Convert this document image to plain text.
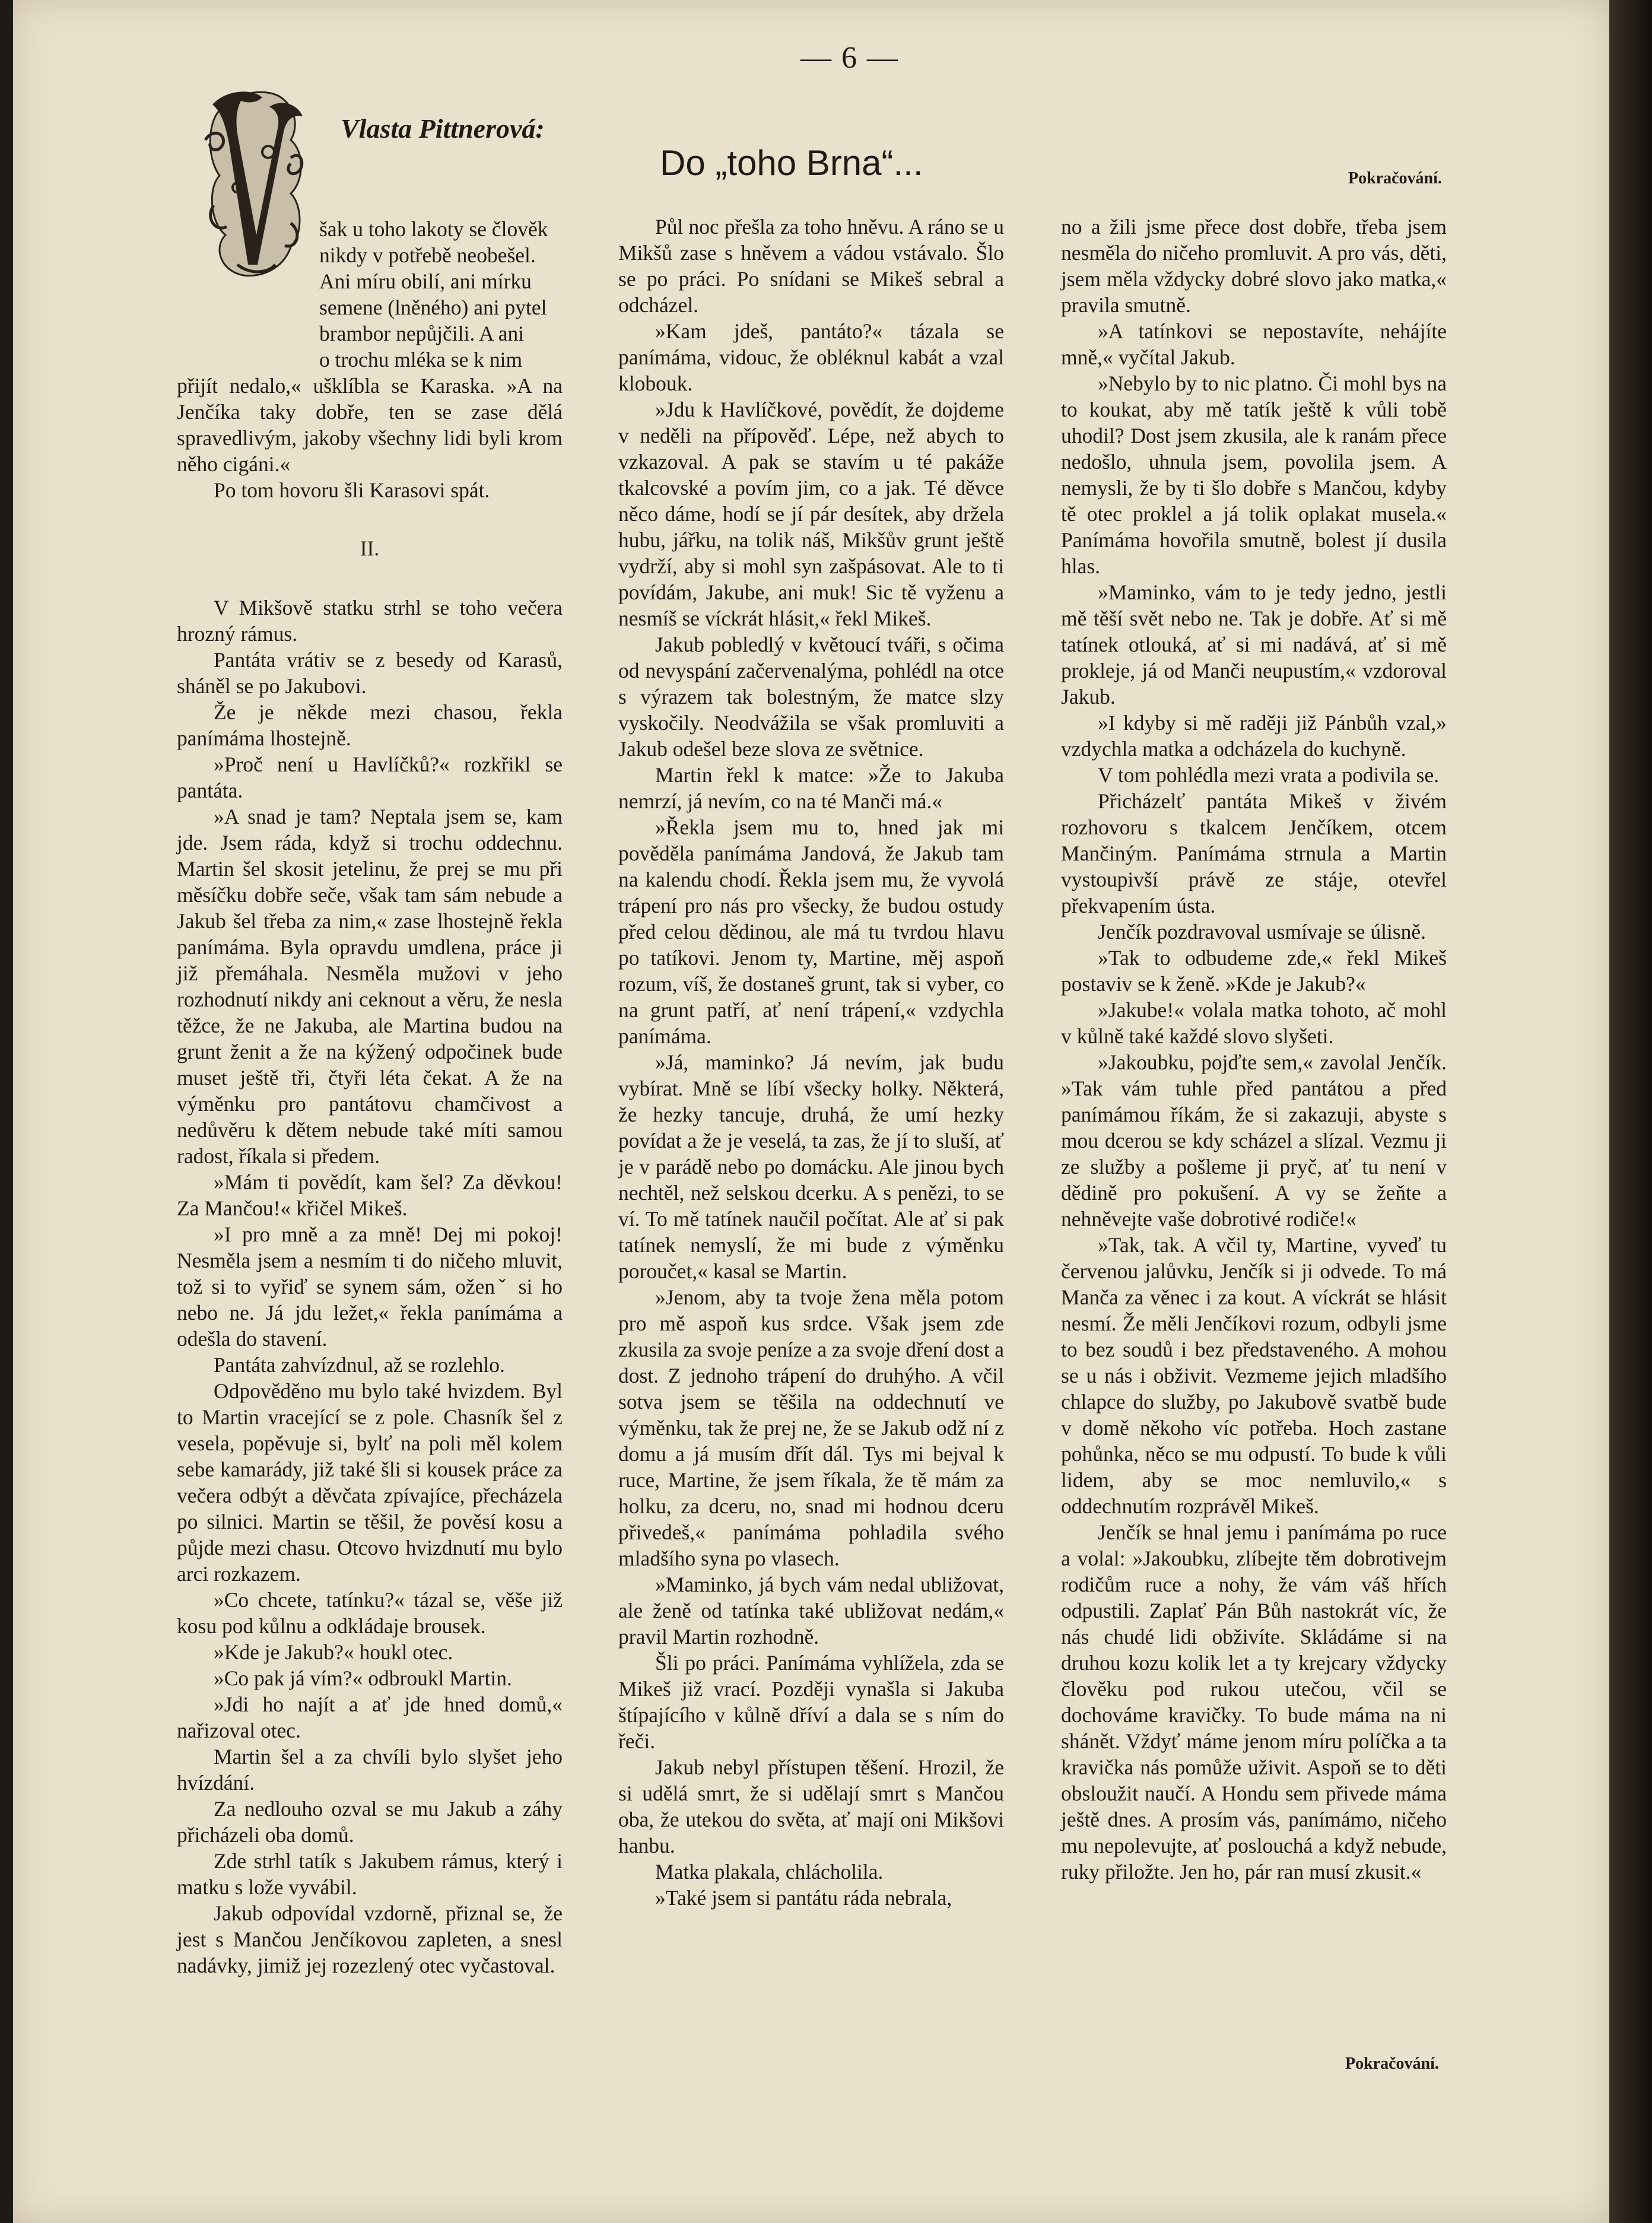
— 6 —
Vlasta Pittnerová:
Do „toho Brna“...	Pokračování.

šak u toho lakoty se člověk

nikdy v potřebě neobešel.

Ani míru obilí, ani mírku

semene (lněného) ani pytel

brambor nepůjčili. A ani

o trochu mléka se k nim

přijít nedalo,« ušklíbla se Karaska. »A na Jenčíka taky dobře, ten se zase dělá spravedlivým, jakoby všechny lidi byli krom něho cigáni.«

Po tom hovoru šli Karasovi spát.

II.

V Mikšově statku strhl se toho večera hrozný rámus.

Pantáta vrátiv se z besedy od Karasů, sháněl se po Jakubovi.

Že je někde mezi chasou, řekla panímáma lhostejně.

»Proč není u Havlíčků?« rozkřikl se pantáta.

»A snad je tam? Neptala jsem se, kam jde. Jsem ráda, když si trochu oddechnu. Martin šel skosit jetelinu, že prej se mu při měsíčku dobře seče, však tam sám nebude a Jakub šel třeba za nim,« zase lhostejně řekla panímáma. Byla opravdu umdlena, práce ji již přemáhala. Nesměla mužovi v jeho rozhodnutí nikdy ani ceknout a věru, že nesla těžce, že ne Jakuba, ale Martina budou na grunt ženit a že na kýžený odpočinek bude muset ještě tři, čtyři léta čekat. A že na výměnku pro pantátovu chamčivost a nedůvěru k dětem nebude také míti samou radost, říkala si předem.

»Mám ti povědít, kam šel? Za děvkou! Za Mančou!« křičel Mikeš.

»I pro mně a za mně! Dej mi pokoj! Nesměla jsem a nesmím ti do ničeho mluvit, tož si to vyřiď se synem sám, oženˇ si ho nebo ne. Já jdu ležet,« řekla panímáma a odešla do stavení.

Pantáta zahvízdnul, až se rozlehlo.

Odpověděno mu bylo také hvizdem. Byl to Martin vracející se z pole. Chasník šel z vesela, popěvuje si, bylť na poli měl kolem sebe kamarády, již také šli si kousek práce za večera odbýt a děvčata zpívajíce, přecházela po silnici. Martin se těšil, že pověsí kosu a půjde mezi chasu. Otcovo hvizdnutí mu bylo arci rozkazem.

»Co chcete, tatínku?« tázal se, věše již kosu pod kůlnu a odkládaje brousek.

»Kde je Jakub?« houkl otec.

»Co pak já vím?« odbroukl Martin.

»Jdi ho najít a ať jde hned domů,« nařizoval otec.

Martin šel a za chvíli bylo slyšet jeho hvízdání.

Za nedlouho ozval se mu Jakub a záhy přicházeli oba domů.

Zde strhl tatík s Jakubem rámus, který i matku s lože vyvábil.

Jakub odpovídal vzdorně, přiznal se, že jest s Mančou Jenčíkovou zapleten, a snesl nadávky, jimiž jej rozezlený otec vyčastoval.

Půl noc přešla za toho hněvu. A ráno se u Mikšů zase s hněvem a vádou vstávalo. Šlo se po práci. Po snídani se Mikeš sebral a odcházel.

»Kam jdeš, pantáto?« tázala se panímáma, vidouc, že obléknul kabát a vzal klobouk.

»Jdu k Havlíčkové, povědít, že dojdeme v neděli na přípověď. Lépe, než abych to vzkazoval. A pak se stavím u té pakáže tkalcovské a povím jim, co a jak. Té děvce něco dáme, hodí se jí pár desítek, aby držela hubu, jářku, na tolik náš, Mikšův grunt ještě vydrží, aby si mohl syn zašpásovat. Ale to ti povídám, Jakube, ani muk! Sic tě vyženu a nesmíš se víckrát hlásit,« řekl Mikeš.

Jakub pobledlý v květoucí tváři, s očima od nevyspání začervenalýma, pohlédl na otce s výrazem tak bolestným, že matce slzy vyskočily. Neodvážila se však promluviti a Jakub odešel beze slova ze světnice.

Martin řekl k matce: »Že to Jakuba nemrzí, já nevím, co na té Manči má.«

»Řekla jsem mu to, hned jak mi pověděla panímáma Jandová, že Jakub tam na kalendu chodí. Řekla jsem mu, že vyvolá trápení pro nás pro všecky, že budou ostudy před celou dědinou, ale má tu tvrdou hlavu po tatíkovi. Jenom ty, Martine, měj aspoň rozum, víš, že dostaneš grunt, tak si vyber, co na grunt patří, ať není trápení,« vzdychla panímáma.

»Já, maminko? Já nevím, jak budu vybírat. Mně se líbí všecky holky. Některá, že hezky tancuje, druhá, že umí hezky povídat a že je veselá, ta zas, že jí to sluší, ať je v parádě nebo po domácku. Ale jinou bych nechtěl, než selskou dcerku. A s penězi, to se ví. To mě tatínek naučil počítat. Ale ať si pak tatínek nemyslí, že mi bude z výměnku poroučet,« kasal se Martin.

»Jenom, aby ta tvoje žena měla potom pro mě aspoň kus srdce. Však jsem zde zkusila za svoje peníze a za svoje dření dost a dost. Z jednoho trápení do druhýho. A včil sotva jsem se těšila na oddechnutí ve výměnku, tak že prej ne, že se Jakub odž ní z domu a já musím dřít dál. Tys mi bejval k ruce, Martine, že jsem říkala, že tě mám za holku, za dceru, no, snad mi hodnou dceru přivedeš,« panímáma pohladila svého mladšího syna po vlasech.

»Maminko, já bych vám nedal ubližovat, ale ženě od tatínka také ubližovat nedám,« pravil Martin rozhodně.

Šli po práci. Panímáma vyhlížela, zda se Mikeš již vrací. Později vynašla si Jakuba štípajícího v kůlně dříví a dala se s ním do řeči.

Jakub nebyl přístupen těšení. Hrozil, že si udělá smrt, že si udělají smrt s Mančou oba, že utekou do světa, ať mají oni Mikšovi hanbu.

Matka plakala, chlácholila.

»Také jsem si pantátu ráda nebrala,

no a žili jsme přece dost dobře, třeba jsem nesměla do ničeho promluvit. A pro vás, děti, jsem měla vždycky dobré slovo jako matka,« pravila smutně.

»A tatínkovi se nepostavíte, nehájíte mně,« vyčítal Jakub.

»Nebylo by to nic platno. Či mohl bys na to koukat, aby mě tatík ještě k vůli tobě uhodil? Dost jsem zkusila, ale k ranám přece nedošlo, uhnula jsem, povolila jsem. A nemysli, že by ti šlo dobře s Mančou, kdyby tě otec proklel a já tolik oplakat musela.« Panímáma hovořila smutně, bolest jí dusila hlas.

»Maminko, vám to je tedy jedno, jestli mě těší svět nebo ne. Tak je dobře. Ať si mě tatínek otlouká, ať si mi nadává, ať si mě prokleje, já od Manči neupustím,« vzdoroval Jakub.

»I kdyby si mě raději již Pánbůh vzal,» vzdychla matka a odcházela do kuchyně.

V tom pohlédla mezi vrata a podivila se.

Přicházelť pantáta Mikeš v živém rozhovoru s tkalcem Jenčíkem, otcem Mančiným. Panímáma strnula a Martin vystoupivší právě ze stáje, otevřel překvapením ústa.

Jenčík pozdravoval usmívaje se úlisně.

»Tak to odbudeme zde,« řekl Mikeš postaviv se k ženě. »Kde je Jakub?«

»Jakube!« volala matka tohoto, ač mohl v kůlně také každé slovo slyšeti.

»Jakoubku, pojďte sem,« zavolal Jenčík. »Tak vám tuhle před pantátou a před panímámou říkám, že si zakazuji, abyste s mou dcerou se kdy scházel a slízal. Vezmu ji ze služby a pošleme ji pryč, ať tu není v dědině pro pokušení. A vy se žeňte a nehněvejte vaše dobrotivé rodiče!«

»Tak, tak. A včil ty, Martine, vyveď tu červenou jalůvku, Jenčík si ji odvede. To má Manča za věnec i za kout. A víckrát se hlásit nesmí. Že měli Jenčíkovi rozum, odbyli jsme to bez soudů i bez představeného. A mohou se u nás i obživit. Vezmeme jejich mladšího chlapce do služby, po Jakubově svatbě bude v domě někoho víc potřeba. Hoch zastane pohůnka, něco se mu odpustí. To bude k vůli lidem, aby se moc nemluvilo,« s oddechnutím rozprávěl Mikeš.

Jenčík se hnal jemu i panímáma po ruce a volal: »Jakoubku, zlíbejte těm dobrotivejm rodičům ruce a nohy, že vám váš hřích odpustili. Zaplať Pán Bůh nastokrát víc, že nás chudé lidi obživíte. Skládáme si na druhou kozu kolik let a ty krejcary vždycky člověku pod rukou utečou, včil se dochováme kravičky. To bude máma na ni shánět. Vždyť máme jenom míru políčka a ta kravička nás pomůže uživit. Aspoň se to děti obsloužit naučí. A Hondu sem přivede máma ještě dnes. A prosím vás, panímámo, ničeho mu nepolevujte, ať poslouchá a když nebude, ruky přiložte. Jen ho, pár ran musí zkusit.«

Pokračování.
